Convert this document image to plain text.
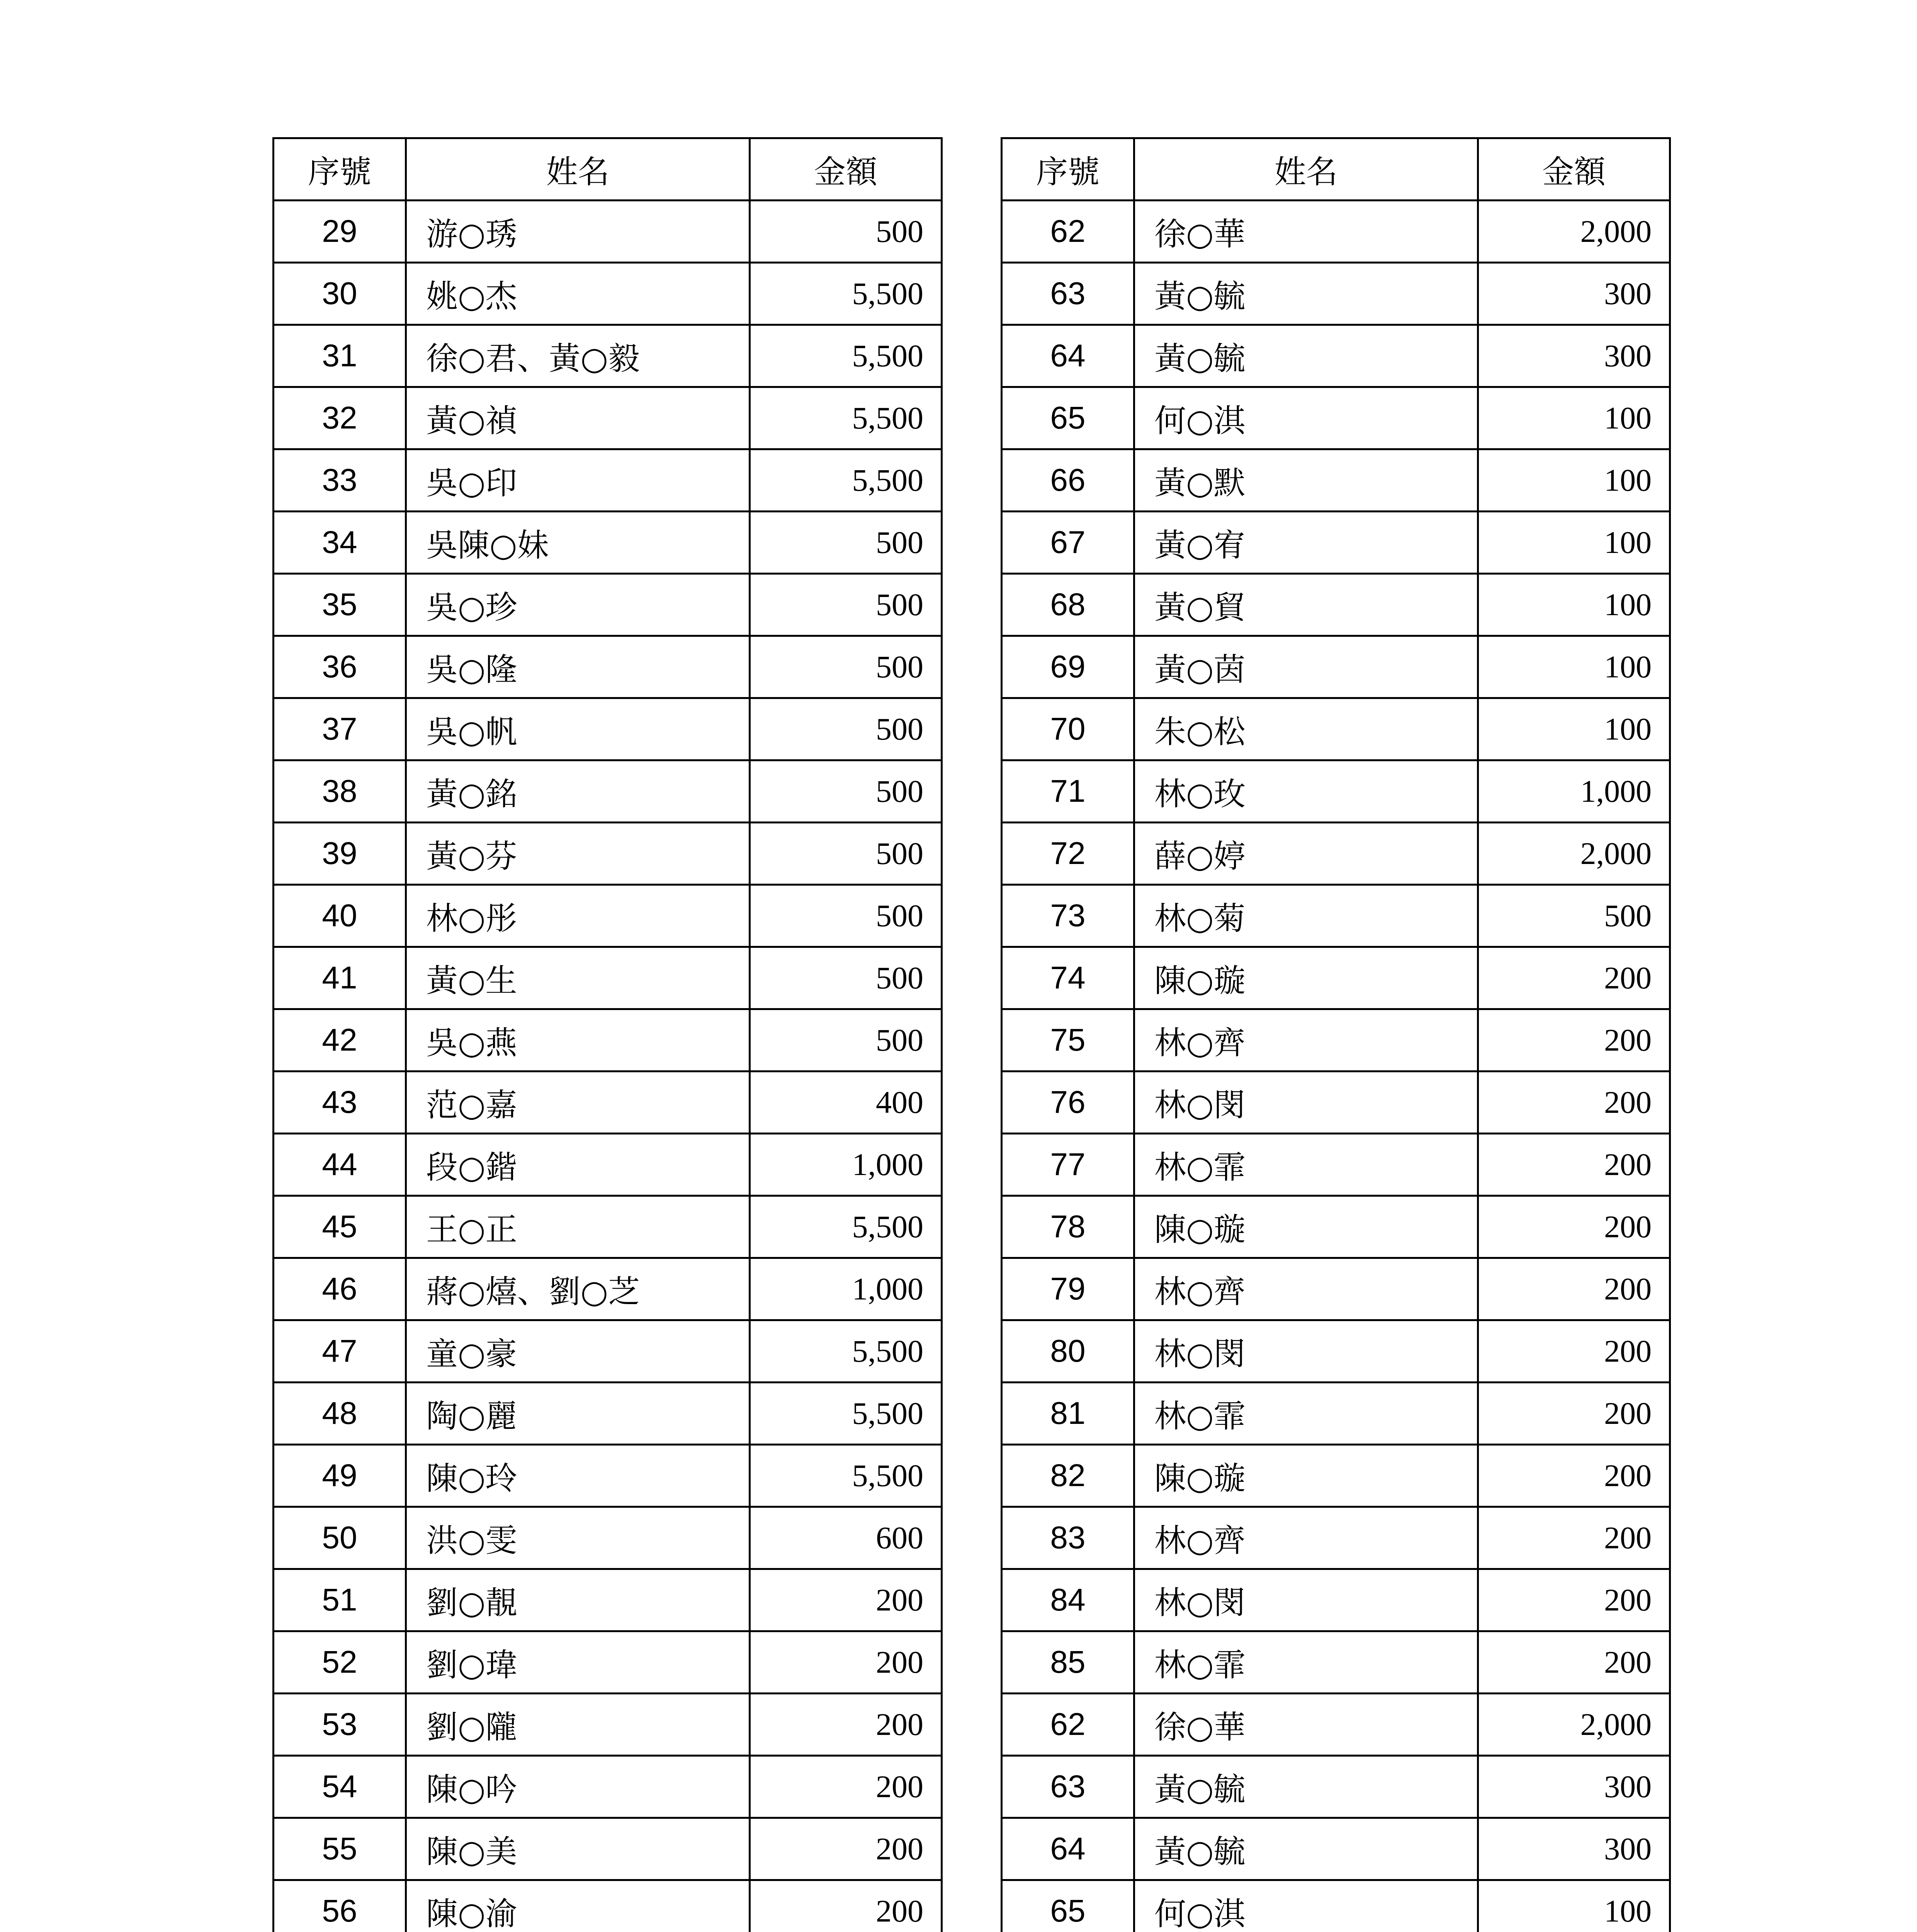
序號	姓名	金額
29	游○琇	500
30	姚○杰	5,500
31	徐○君、黃○毅	5,500
32	黃○禎	5,500
33	吳○印	5,500
34	吳陳○妹	500
35	吳○珍	500
36	吳○隆	500
37	吳○帆	500
38	黃○銘	500
39	黃○芬	500
40	林○彤	500
41	黃○生	500
42	吳○燕	500
43	范○嘉	400
44	段○鍇	1,000
45	王○正	5,500
46	蔣○熺、劉○芝	1,000
47	童○豪	5,500
48	陶○麗	5,500
49	陳○玲	5,500
50	洪○雯	600
51	劉○靚	200
52	劉○瑋	200
53	劉○隴	200
54	陳○吟	200
55	陳○美	200
56	陳○渝	200

序號	姓名	金額
62	徐○華	2,000
63	黃○毓	300
64	黃○毓	300
65	何○淇	100
66	黃○默	100
67	黃○宥	100
68	黃○貿	100
69	黃○茵	100
70	朱○松	100
71	林○玫	1,000
72	薛○婷	2,000
73	林○菊	500
74	陳○璇	200
75	林○齊	200
76	林○閔	200
77	林○霏	200
78	陳○璇	200
79	林○齊	200
80	林○閔	200
81	林○霏	200
82	陳○璇	200
83	林○齊	200
84	林○閔	200
85	林○霏	200
62	徐○華	2,000
63	黃○毓	300
64	黃○毓	300
65	何○淇	100
